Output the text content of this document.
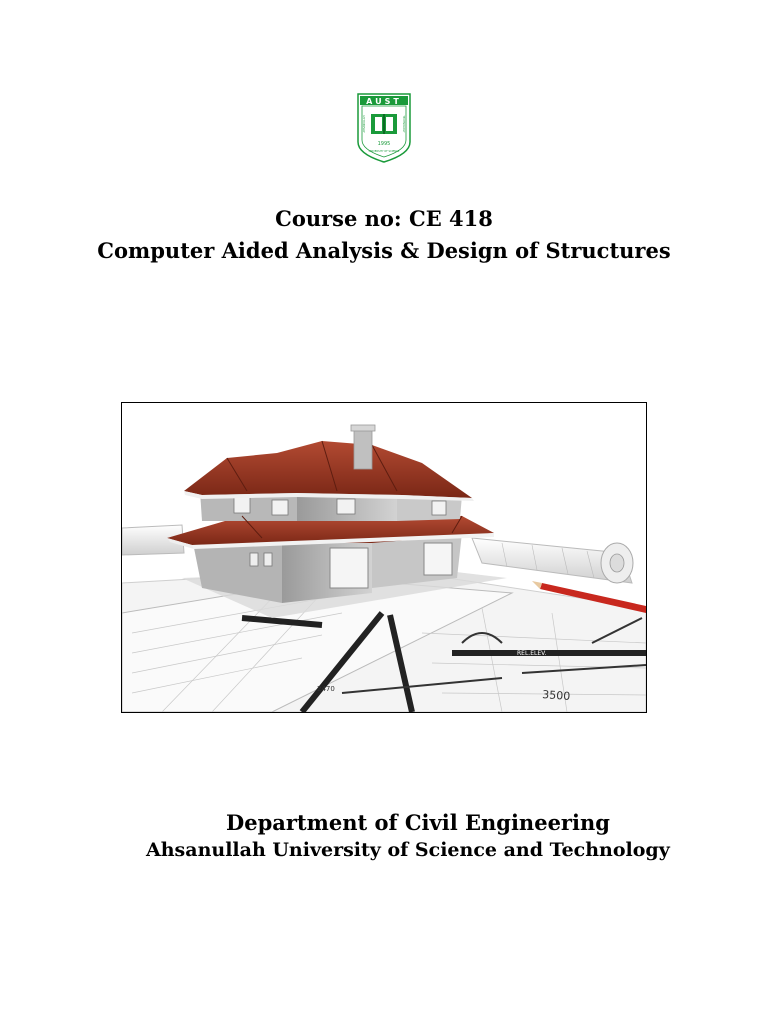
AUST
1995
AHSANULLAH	TECHNOLOGY
UNIVERSITY OF SCIENCE
Course no: CE 418
Computer Aided Analysis & Design of Structures
3500
REL.ELEV.
2470
Department of Civil Engineering
Ahsanullah University of Science and Technology
